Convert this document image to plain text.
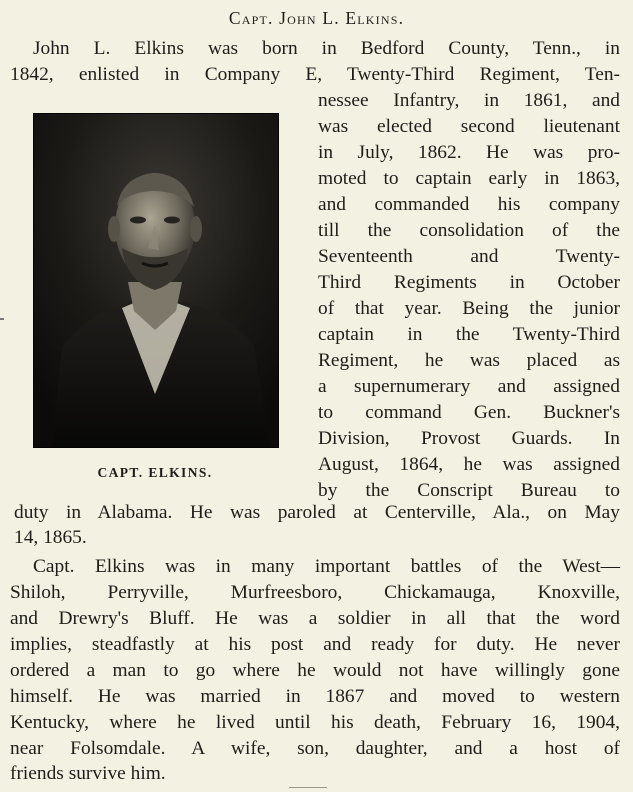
Capt. John L. Elkins.
John L. Elkins was born in Bedford County, Tenn., in
1842, enlisted in Company E, Twenty-Third Regiment, Ten-
nessee Infantry, in 1861, and
was elected second lieutenant
in July, 1862. He was pro-
moted to captain early in 1863,
and commanded his company
till the consolidation of the
Seventeenth and Twenty-
Third Regiments in October
of that year. Being the junior
captain in the Twenty-Third
Regiment, he was placed as
a supernumerary and assigned
to command Gen. Buckner's
Division, Provost Guards. In
August, 1864, he was assigned
by the Conscript Bureau to
CAPT. ELKINS.
duty in Alabama. He was paroled at Centerville, Ala., on May
14, 1865.
Capt. Elkins was in many important battles of the West—
Shiloh, Perryville, Murfreesboro, Chickamauga, Knoxville,
and Drewry's Bluff. He was a soldier in all that the word
implies, steadfastly at his post and ready for duty. He never
ordered a man to go where he would not have willingly gone
himself. He was married in 1867 and moved to western
Kentucky, where he lived until his death, February 16, 1904,
near Folsomdale. A wife, son, daughter, and a host of
friends survive him.
